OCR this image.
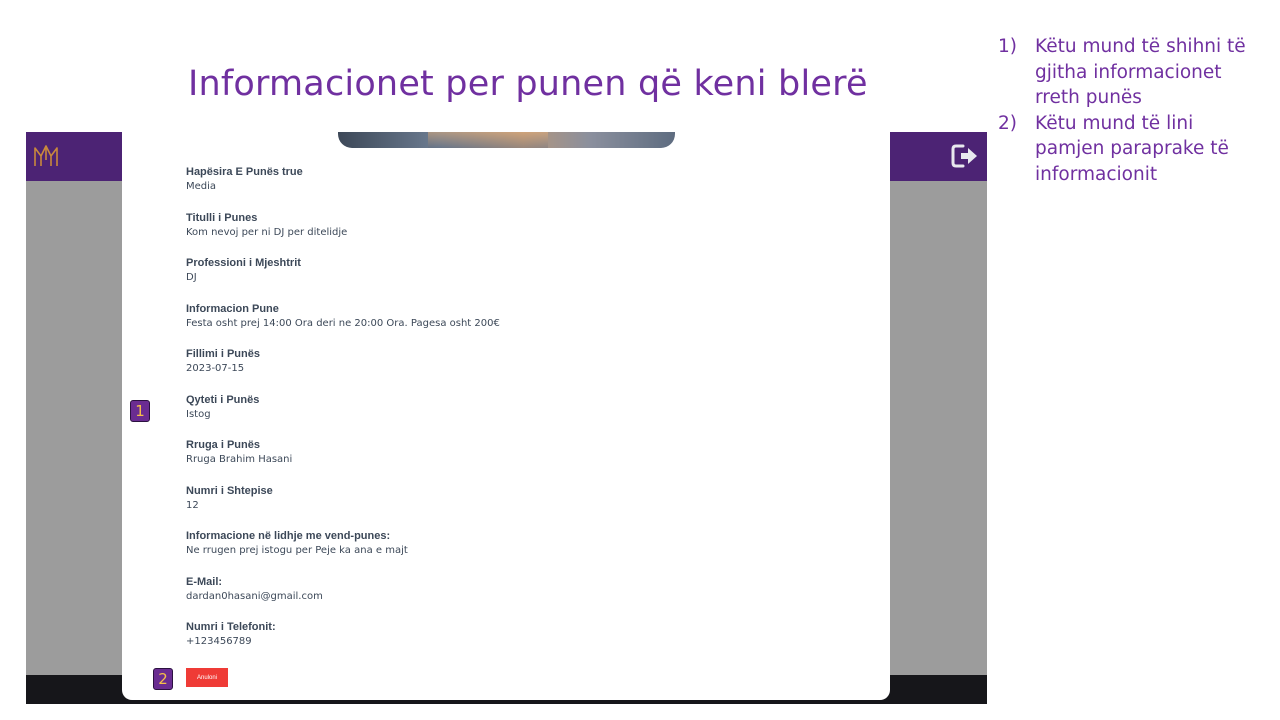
Informacionet per punen që keni blerë
1) Këtu mund të shihni të gjitha informacionet rreth punës
2) Këtu mund të lini pamjen paraprake të informacionit
Hapësira E Punës true
Media
Titulli i Punes
Kom nevoj per ni DJ per ditelidje
Professioni i Mjeshtrit
DJ
Informacion Pune
Festa osht prej 14:00 Ora deri ne 20:00 Ora. Pagesa osht 200€
Fillimi i Punës
2023-07-15
Qyteti i Punës
Istog
Rruga i Punës
Rruga Brahim Hasani
Numri i Shtepise
12
Informacione në lidhje me vend-punes:
Ne rrugen prej istogu per Peje ka ana e majt
E-Mail:
dardan0hasani@gmail.com
Numri i Telefonit:
+123456789
Anuloni
1
2
